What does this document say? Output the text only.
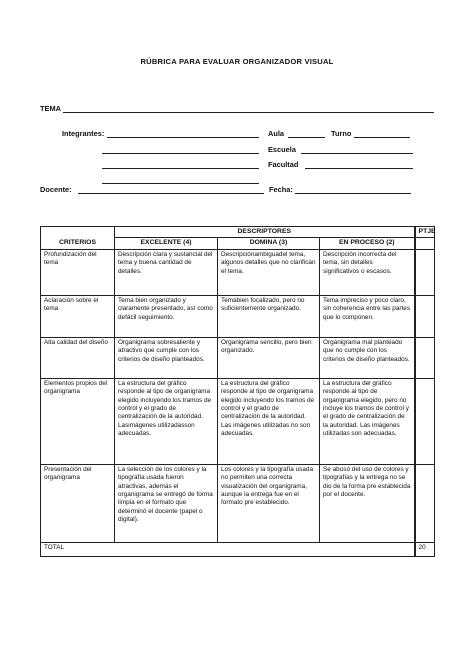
RÚBRICA PARA EVALUAR ORGANIZADOR VISUAL
TEMA
Integrantes:	Aula	Turno
Escuela
Facultad
Docente:	Fecha:
	DESCRIPTORES			PTJE
CRITERIOS	EXCELENTE (4)	DOMINA (3)	EN PROCESO (2)	
Profundización del tema	Descripción clara y sustancial del tema y buena cantidad de detalles.	Descripciónambiguadel tema, algunos detalles que no clarifican el tema.	Descripción incorrecta del tema, sin detalles significativos o escasos.	
Aclaración sobre el tema	Tema bien organizado y claramente presentado, así como defácil seguimiento.	Temabien focalizado, pero no suficientemente organizado.	Tema impreciso y poco claro, sin coherencia entre las partes que lo componen.	
Alta calidad del diseño	Organigrama sobresaliente y atractivo que cumple con los criterios de diseño planteados.	Organigrama sencillo, pero bien organizado.	Organigrama mal planteado que no cumple con los criterios de diseño planteados.	
Elementos propios del organigrama	La estructura del gráfico responde al tipo de organigrama elegido incluyendo los tramos de control y el grado de centralización de la autoridad. Lasimágenes utilizadasson adecuadas.	La estructura del gráfico responde al tipo de organigrama elegido incluyendo los tramos de control y el grado de centralización de la autoridad. Las imágenes utilizadas no son adecuadas.	La estructura del gráfico responde al tipo de organigrama elegido, pero no incluye los tramos de control y el grado de centralización de la autoridad. Las imágenes utilizadas son adecuadas.	
Presentación del organigrama	La selección de los colores y la tipografía usada fueron atractivas, además el organigrama se entregó de forma limpia en el formato que determinó el docente (papel o digital).	Los colores y la tipografía usada no permiten una correcta visualización del organigrama, aunque la entrega fue en el formato pre establecido.	Se abusó del uso de colores y tipografías y la entrega no se dio de la forma pre establecida por el docente.	
TOTAL				20
